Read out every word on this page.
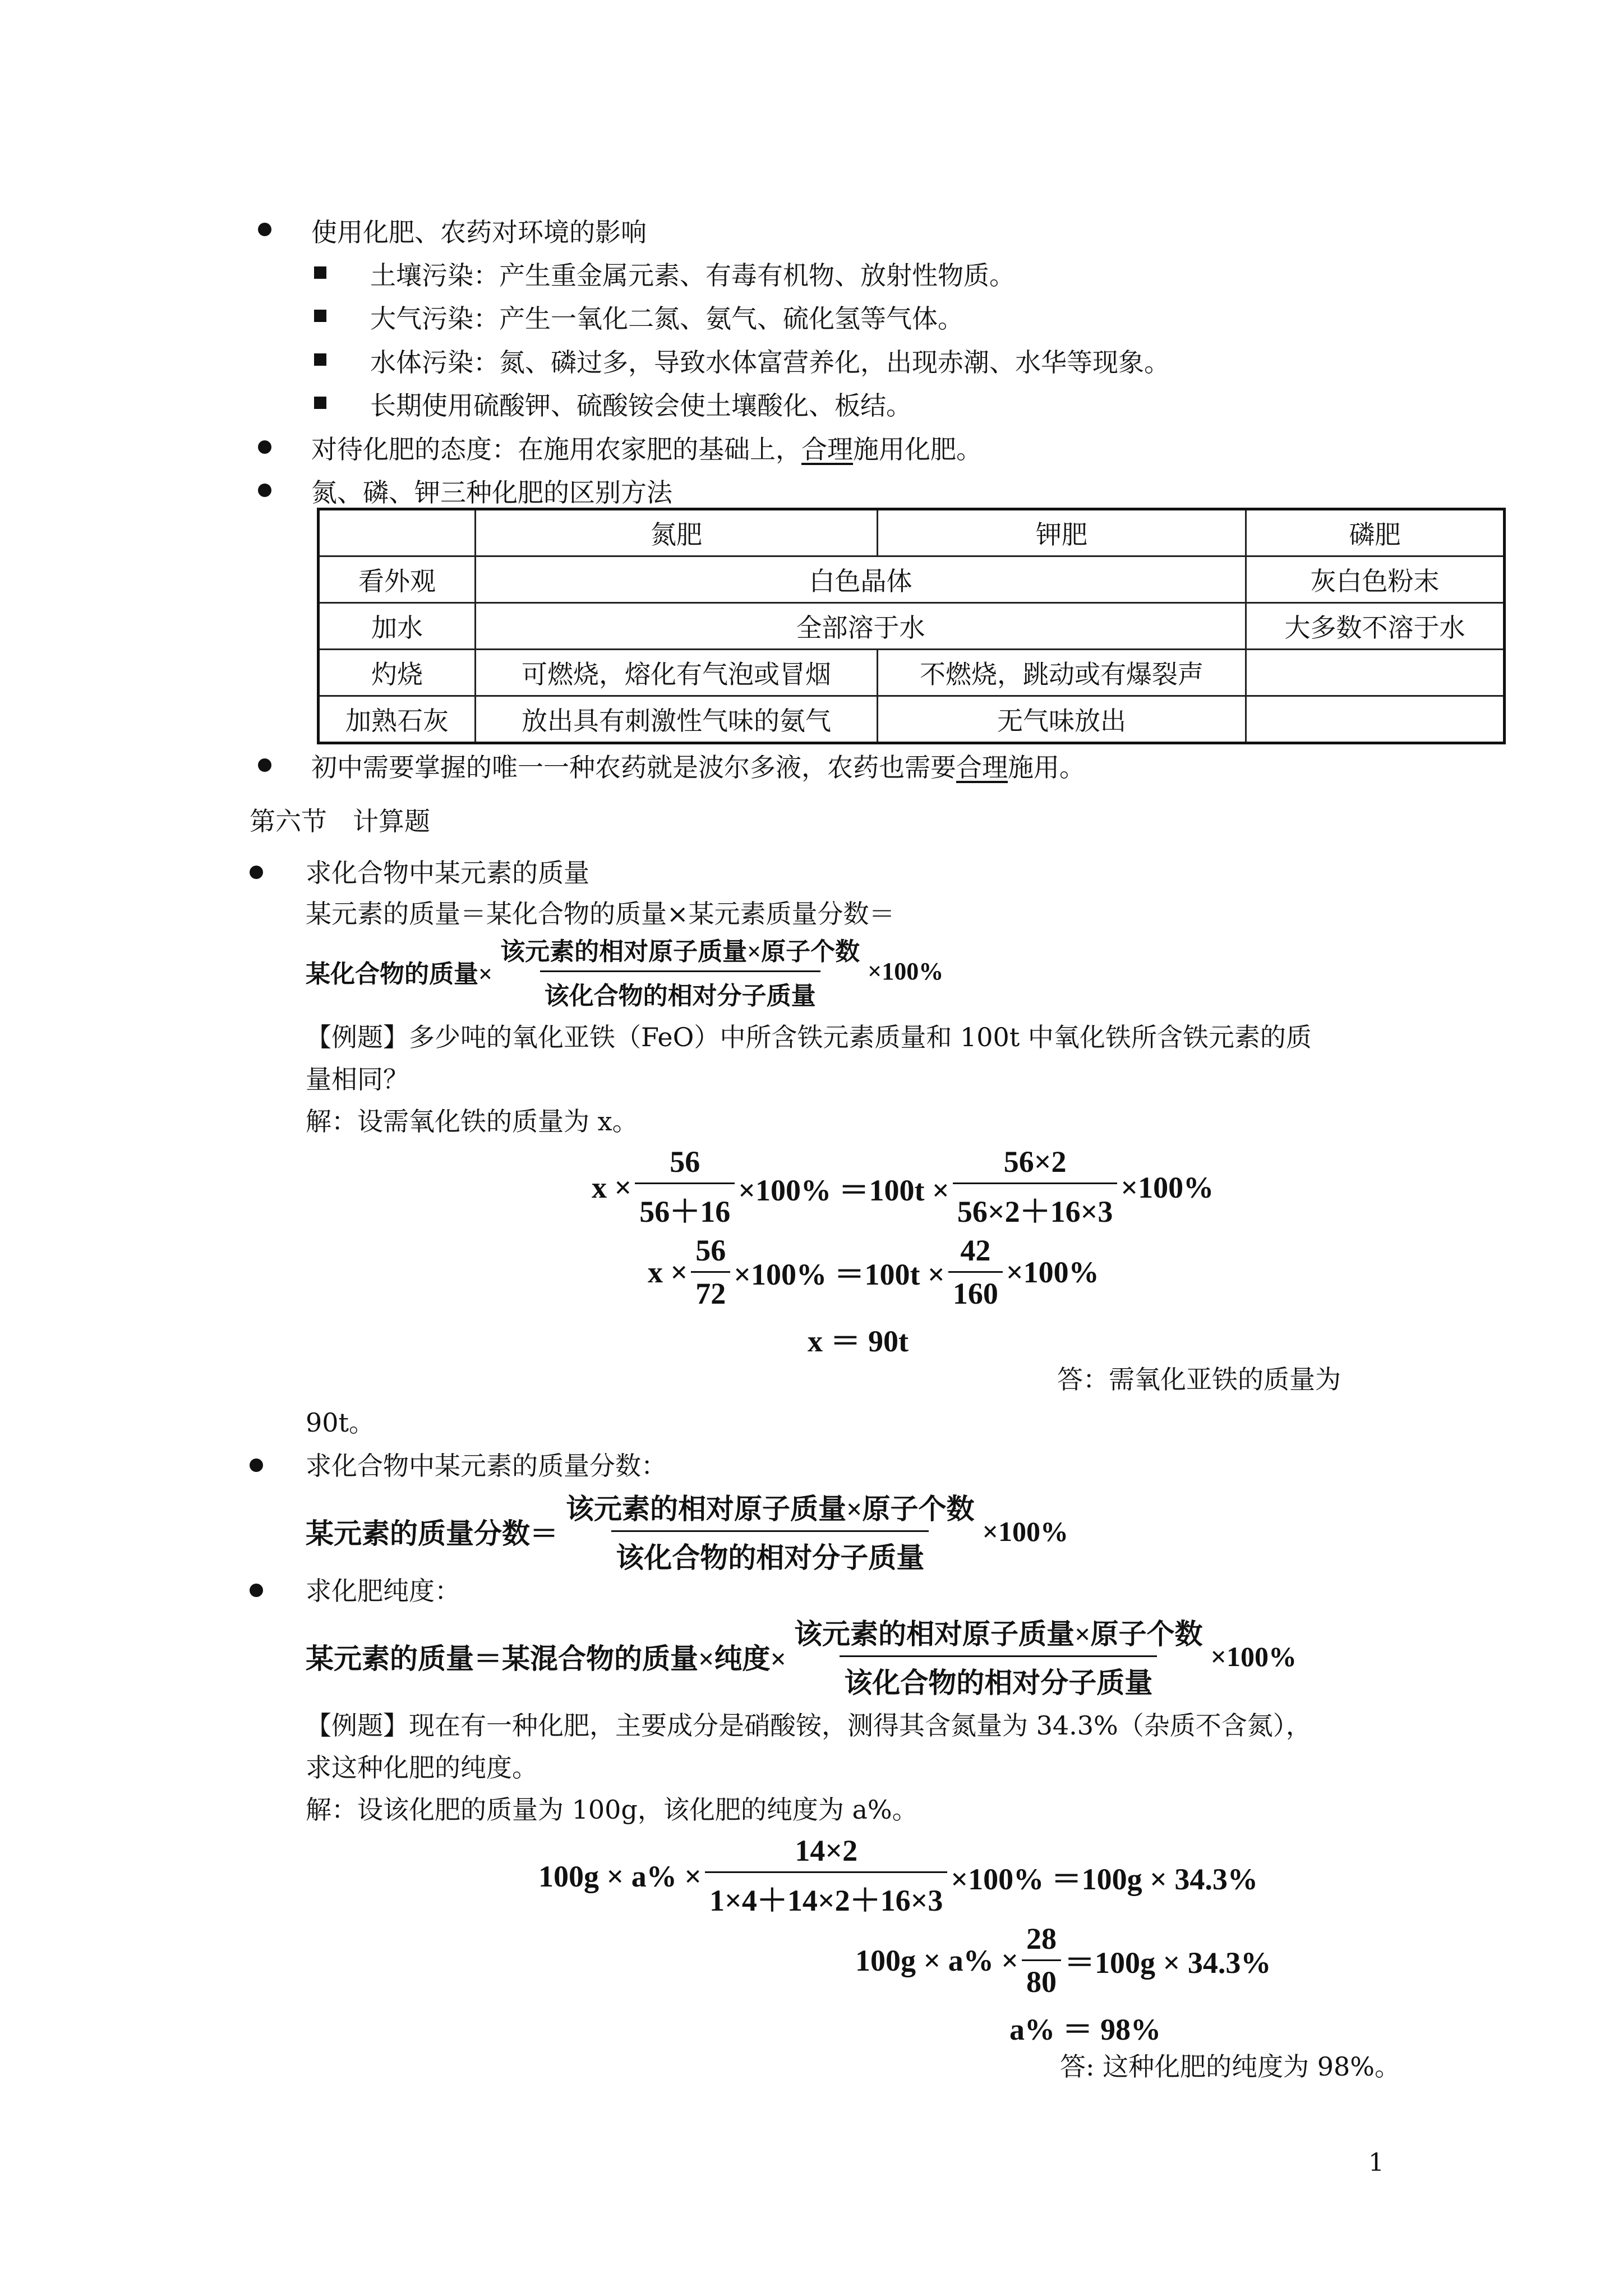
使用化肥、农药对环境的影响
土壤污染：产生重金属元素、有毒有机物、放射性物质。
大气污染：产生一氧化二氮、氨气、硫化氢等气体。
水体污染：氮、磷过多，导致水体富营养化，出现赤潮、水华等现象。
长期使用硫酸钾、硫酸铵会使土壤酸化、板结。
对待化肥的态度：在施用农家肥的基础上，合理施用化肥。
氮、磷、钾三种化肥的区别方法
	氮肥	钾肥	磷肥
看外观	白色晶体		灰白色粉末
加水	全部溶于水		大多数不溶于水
灼烧	可燃烧，熔化有气泡或冒烟	不燃烧，跳动或有爆裂声	
加熟石灰	放出具有刺激性气味的氨气	无气味放出	
初中需要掌握的唯一一种农药就是波尔多液，农药也需要合理施用。
第六节　计算题
求化合物中某元素的质量
某元素的质量＝某化合物的质量×某元素质量分数＝
某化合物的质量× $\frac{\text{该元素的相对原子质量×原子个数}}{\text{该化合物的相对分子质量}} \times 100\%$
【例题】多少吨的氧化亚铁（FeO）中所含铁元素质量和 100t 中氧化铁所含铁元素的质
量相同？
解：设需氧化铁的质量为 x。
$x \times \frac{56}{56+16} \times 100\% =100t \times \frac{56\times 2}{56\times 2+16\times 3} \times 100\%$
$x \times \frac{56}{72} \times 100\% =100t \times \frac{42}{160} \times 100\%$
x ＝ 90t
答：需氧化亚铁的质量为
90t。
求化合物中某元素的质量分数：
某元素的质量分数＝ $\frac{\text{该元素的相对原子质量×原子个数}}{\text{该化合物的相对分子质量}} \times 100\%$
求化肥纯度：
某元素的质量＝某混合物的质量×纯度× $\frac{\text{该元素的相对原子质量×原子个数}}{\text{该化合物的相对分子质量}} \times 100\%$
【例题】现在有一种化肥，主要成分是硝酸铵，测得其含氮量为 34.3%（杂质不含氮），
求这种化肥的纯度。
解：设该化肥的质量为 100g，该化肥的纯度为 a%。
$100g \times a\% \times \frac{14\times 2}{1\times 4+14\times 2+16\times 3} \times 100\% =100g \times 34.3\%$
$100g \times a\% \times \frac{28}{80} =100g \times 34.3\%$
a% ＝ 98%
答: 这种化肥的纯度为 98%。
1
